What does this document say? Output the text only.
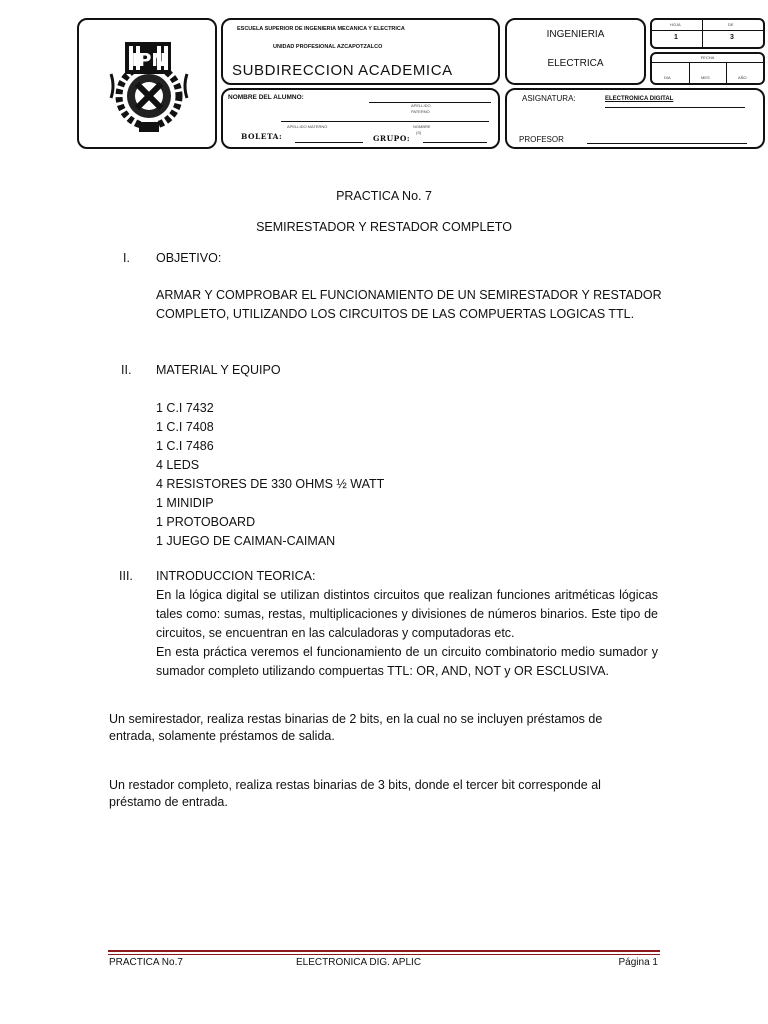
IPN
ESCUELA SUPERIOR DE INGENIERIA MECANICA Y ELECTRICA
UNIDAD PROFESIONAL AZCAPOTZALCO
SUBDIRECCION ACADEMICA
NOMBRE DEL ALUMNO:
APELLIDO
PATERNO
APELLIDO MATERNO	NOMBRE
(S)
BOLETA:	GRUPO:
INGENIERIA
ELECTRICA
HOJA	DE
1	3
FECHA
DIA	MES	AÑO
ASIGNATURA:	ELECTRONICA DIGITAL
PROFESOR
PRACTICA No. 7
SEMIRESTADOR Y RESTADOR COMPLETO
I. OBJETIVO:
ARMAR Y COMPROBAR EL FUNCIONAMIENTO DE UN SEMIRESTADOR Y RESTADOR
COMPLETO, UTILIZANDO LOS CIRCUITOS DE LAS COMPUERTAS LOGICAS TTL.
II. MATERIAL Y EQUIPO
1 C.I 7432
1 C.I 7408
1 C.I 7486
4 LEDS
4 RESISTORES DE 330 OHMS ½ WATT
1 MINIDIP
1 PROTOBOARD
1 JUEGO DE CAIMAN-CAIMAN
III. INTRODUCCION TEORICA:
En la lógica digital se utilizan distintos circuitos que realizan funciones aritméticas lógicas tales como: sumas, restas, multiplicaciones y divisiones de números binarios. Este tipo de circuitos, se encuentran en las calculadoras y computadoras etc.
En esta práctica veremos el funcionamiento de un circuito combinatorio medio sumador y sumador completo utilizando compuertas TTL: OR, AND, NOT y OR ESCLUSIVA.
Un semirestador, realiza restas binarias de 2 bits, en la cual no se incluyen préstamos de entrada, solamente préstamos de salida.
Un restador completo, realiza restas binarias de 3 bits, donde el tercer bit corresponde al préstamo de entrada.
PRACTICA No.7	ELECTRONICA DIG. APLIC	Página 1
